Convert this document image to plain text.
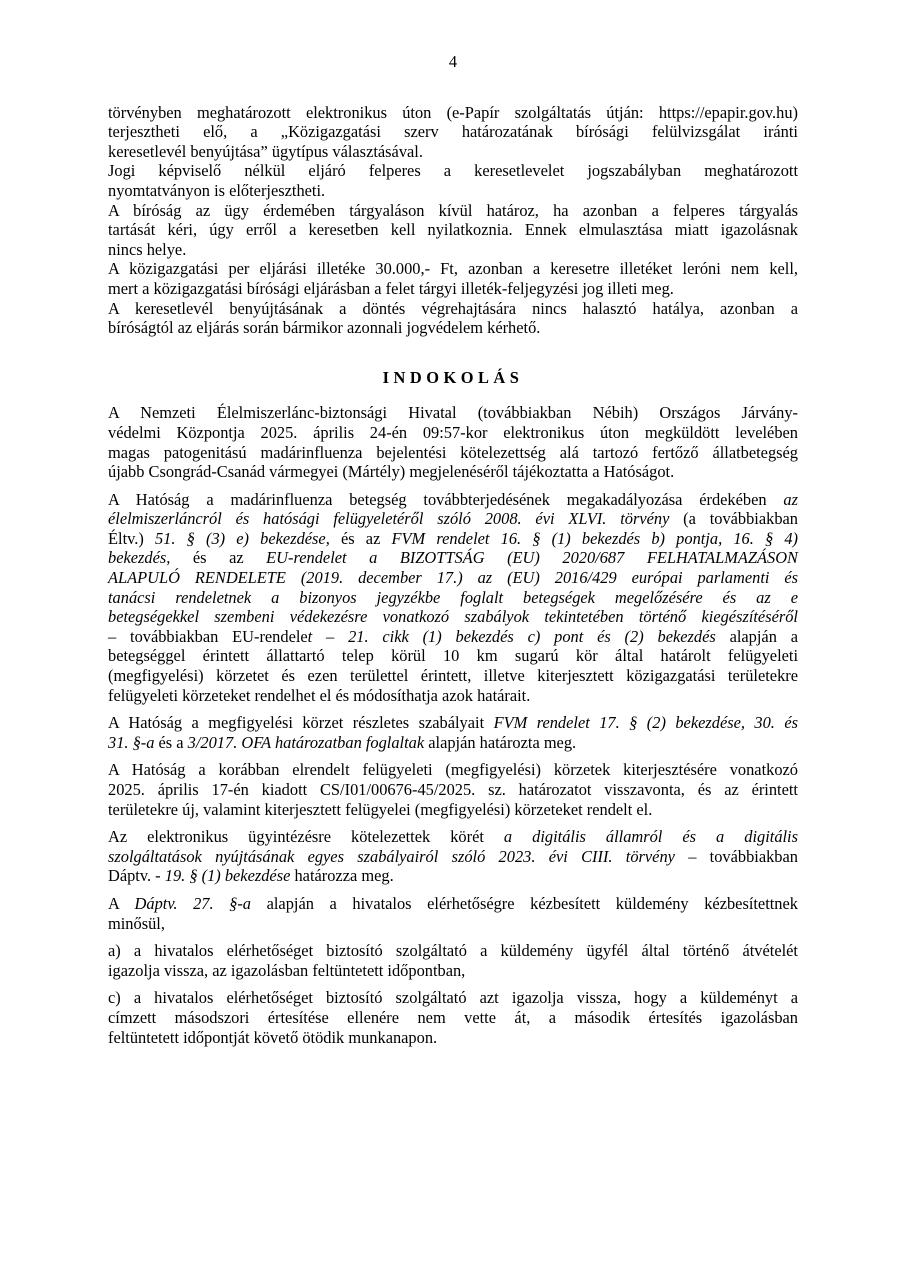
4
törvényben meghatározott elektronikus úton (e-Papír szolgáltatás útján: https://epapir.gov.hu)
terjesztheti elő, a „Közigazgatási szerv határozatának bírósági felülvizsgálat iránti
keresetlevél benyújtása” ügytípus választásával.
Jogi képviselő nélkül eljáró felperes a keresetlevelet jogszabályban meghatározott
nyomtatványon is előterjesztheti.
A bíróság az ügy érdemében tárgyaláson kívül határoz, ha azonban a felperes tárgyalás
tartását kéri, úgy erről a keresetben kell nyilatkoznia. Ennek elmulasztása miatt igazolásnak
nincs helye.
A közigazgatási per eljárási illetéke 30.000,- Ft, azonban a keresetre illetéket leróni nem kell,
mert a közigazgatási bírósági eljárásban a felet tárgyi illeték-feljegyzési jog illeti meg.
A keresetlevél benyújtásának a döntés végrehajtására nincs halasztó hatálya, azonban a
bíróságtól az eljárás során bármikor azonnali jogvédelem kérhető.
INDOKOLÁS
A Nemzeti Élelmiszerlánc-biztonsági Hivatal (továbbiakban Nébih) Országos Járvány-
védelmi Központja 2025. április 24-én 09:57-kor elektronikus úton megküldött levelében
magas patogenitású madárinfluenza bejelentési kötelezettség alá tartozó fertőző állatbetegség
újabb Csongrád-Csanád vármegyei (Mártély) megjelenéséről tájékoztatta a Hatóságot.
A Hatóság a madárinfluenza betegség továbbterjedésének megakadályozása érdekében az
élelmiszerláncról és hatósági felügyeletéről szóló 2008. évi XLVI. törvény (a továbbiakban
Éltv.) 51. § (3) e) bekezdése, és az FVM rendelet 16. § (1) bekezdés b) pontja, 16. § 4)
bekezdés, és az EU-rendelet a BIZOTTSÁG (EU) 2020/687 FELHATALMAZÁSON
ALAPULÓ RENDELETE (2019. december 17.) az (EU) 2016/429 európai parlamenti és
tanácsi rendeletnek a bizonyos jegyzékbe foglalt betegségek megelőzésére és az e
betegségekkel szembeni védekezésre vonatkozó szabályok tekintetében történő kiegészítéséről
– továbbiakban EU-rendelet – 21. cikk (1) bekezdés c) pont és (2) bekezdés alapján a
betegséggel érintett állattartó telep körül 10 km sugarú kör által határolt felügyeleti
(megfigyelési) körzetet és ezen területtel érintett, illetve kiterjesztett közigazgatási területekre
felügyeleti körzeteket rendelhet el és módosíthatja azok határait.
A Hatóság a megfigyelési körzet részletes szabályait FVM rendelet 17. § (2) bekezdése, 30. és
31. §-a és a 3/2017. OFA határozatban foglaltak alapján határozta meg.
A Hatóság a korábban elrendelt felügyeleti (megfigyelési) körzetek kiterjesztésére vonatkozó
2025. április 17-én kiadott CS/I01/00676-45/2025. sz. határozatot visszavonta, és az érintett
területekre új, valamint kiterjesztett felügyelei (megfigyelési) körzeteket rendelt el.
Az elektronikus ügyintézésre kötelezettek körét a digitális államról és a digitális
szolgáltatások nyújtásának egyes szabályairól szóló 2023. évi CIII. törvény – továbbiakban
Dáptv. - 19. § (1) bekezdése határozza meg.
A Dáptv. 27. §-a alapján a hivatalos elérhetőségre kézbesített küldemény kézbesítettnek
minősül,
a) a hivatalos elérhetőséget biztosító szolgáltató a küldemény ügyfél által történő átvételét
igazolja vissza, az igazolásban feltüntetett időpontban,
c) a hivatalos elérhetőséget biztosító szolgáltató azt igazolja vissza, hogy a küldeményt a
címzett másodszori értesítése ellenére nem vette át, a második értesítés igazolásban
feltüntetett időpontját követő ötödik munkanapon.
